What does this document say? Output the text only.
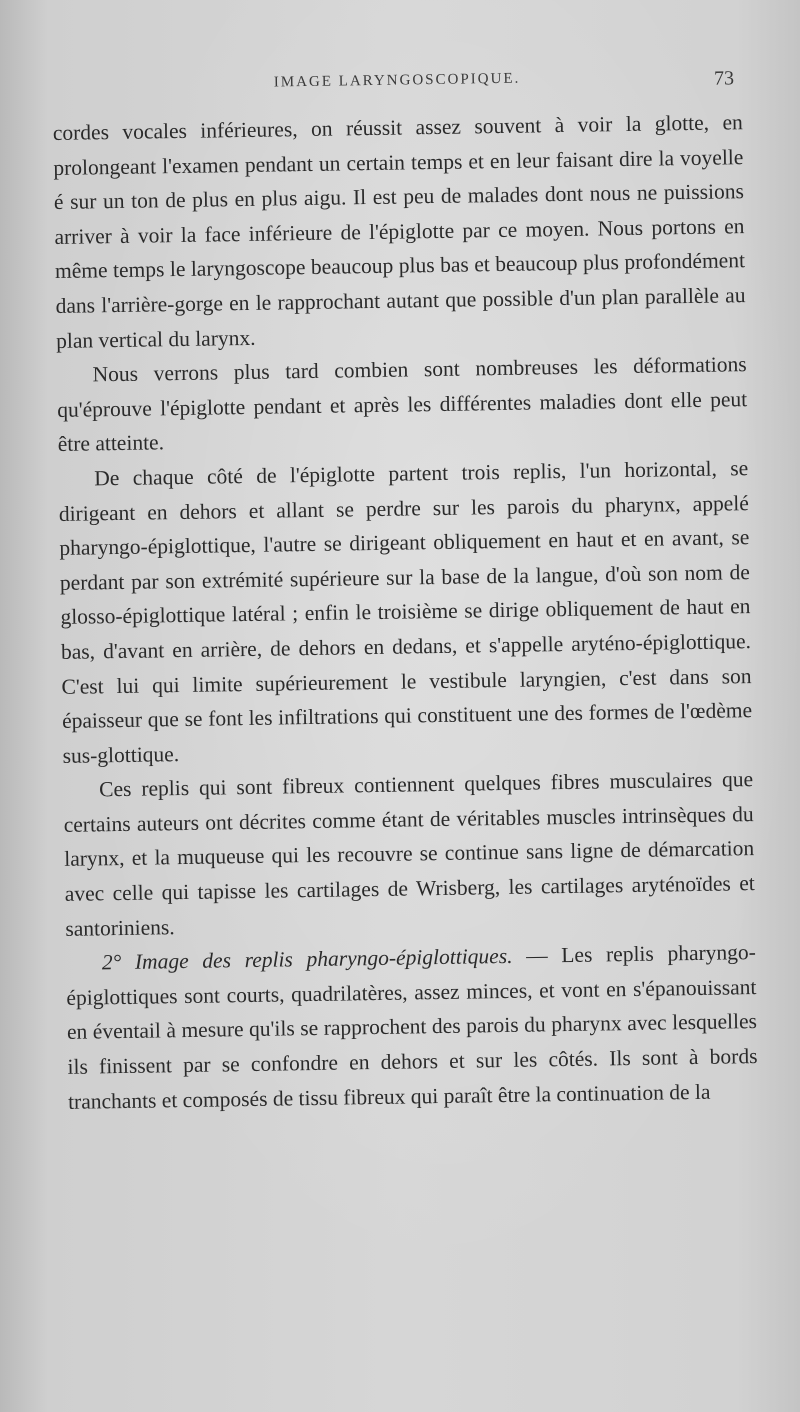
IMAGE LARYNGOSCOPIQUE.	73

cordes vocales inférieures, on réussit assez souvent à voir la glotte, en prolongeant l'examen pendant un certain temps et en leur faisant dire la voyelle é sur un ton de plus en plus aigu. Il est peu de malades dont nous ne puissions arriver à voir la face inférieure de l'épiglotte par ce moyen. Nous portons en même temps le laryngoscope beaucoup plus bas et beaucoup plus profondément dans l'arrière-gorge en le rapprochant autant que possible d'un plan parallèle au plan vertical du larynx.

Nous verrons plus tard combien sont nombreuses les déformations qu'éprouve l'épiglotte pendant et après les différentes maladies dont elle peut être atteinte.

De chaque côté de l'épiglotte partent trois replis, l'un horizontal, se dirigeant en dehors et allant se perdre sur les parois du pharynx, appelé pharyngo-épiglottique, l'autre se dirigeant obliquement en haut et en avant, se perdant par son extrémité supérieure sur la base de la langue, d'où son nom de glosso-épiglottique latéral ; enfin le troisième se dirige obliquement de haut en bas, d'avant en arrière, de dehors en dedans, et s'appelle aryténo-épiglottique. C'est lui qui limite supérieurement le vestibule laryngien, c'est dans son épaisseur que se font les infiltrations qui constituent une des formes de l'œdème sus-glottique.

Ces replis qui sont fibreux contiennent quelques fibres musculaires que certains auteurs ont décrites comme étant de véritables muscles intrinsèques du larynx, et la muqueuse qui les recouvre se continue sans ligne de démarcation avec celle qui tapisse les cartilages de Wrisberg, les cartilages aryténoïdes et santoriniens.

2° Image des replis pharyngo-épiglottiques. — Les replis pharyngo-épiglottiques sont courts, quadrilatères, assez minces, et vont en s'épanouissant en éventail à mesure qu'ils se rapprochent des parois du pharynx avec lesquelles ils finissent par se confondre en dehors et sur les côtés. Ils sont à bords tranchants et composés de tissu fibreux qui paraît être la continuation de la
